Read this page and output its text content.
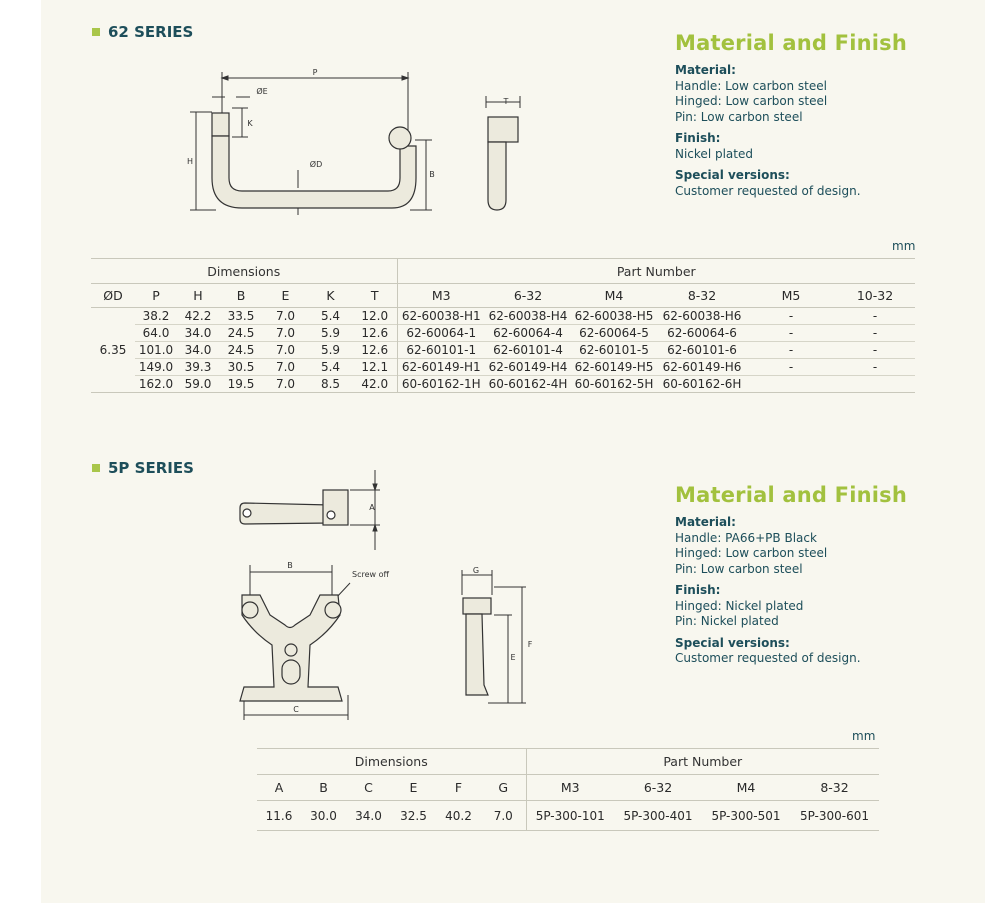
62 SERIES
P
ØE
K
H	ØD
B
T
Material and Finish
Material:
Handle: Low carbon steel
Hinged: Low carbon steel
Pin: Low carbon steel
Finish:
Nickel plated
Special versions:
Customer requested of design.
mm
Dimensions							Part Number					
ØD	P	H	B	E	K	T	M3	6-32	M4	8-32	M5	10-32
6.35	38.2	42.2	33.5	7.0	5.4	12.0	62-60038-H1	62-60038-H4	62-60038-H5	62-60038-H6	-	-
	64.0	34.0	24.5	7.0	5.9	12.6	62-60064-1	62-60064-4	62-60064-5	62-60064-6	-	-
	101.0	34.0	24.5	7.0	5.9	12.6	62-60101-1	62-60101-4	62-60101-5	62-60101-6	-	-
	149.0	39.3	30.5	7.0	5.4	12.1	62-60149-H1	62-60149-H4	62-60149-H5	62-60149-H6	-	-
	162.0	59.0	19.5	7.0	8.5	42.0	60-60162-1H	60-60162-4H	60-60162-5H	60-60162-6H		
5P SERIES
A
B
Screw off
C
G
F
E
Material and Finish
Material:
Handle: PA66+PB Black
Hinged: Low carbon steel
Pin: Low carbon steel
Finish:
Hinged: Nickel plated
Pin: Nickel plated
Special versions:
Customer requested of design.
mm
Dimensions						Part Number			
A	B	C	E	F	G	M3	6-32	M4	8-32
11.6	30.0	34.0	32.5	40.2	7.0	5P-300-101	5P-300-401	5P-300-501	5P-300-601
